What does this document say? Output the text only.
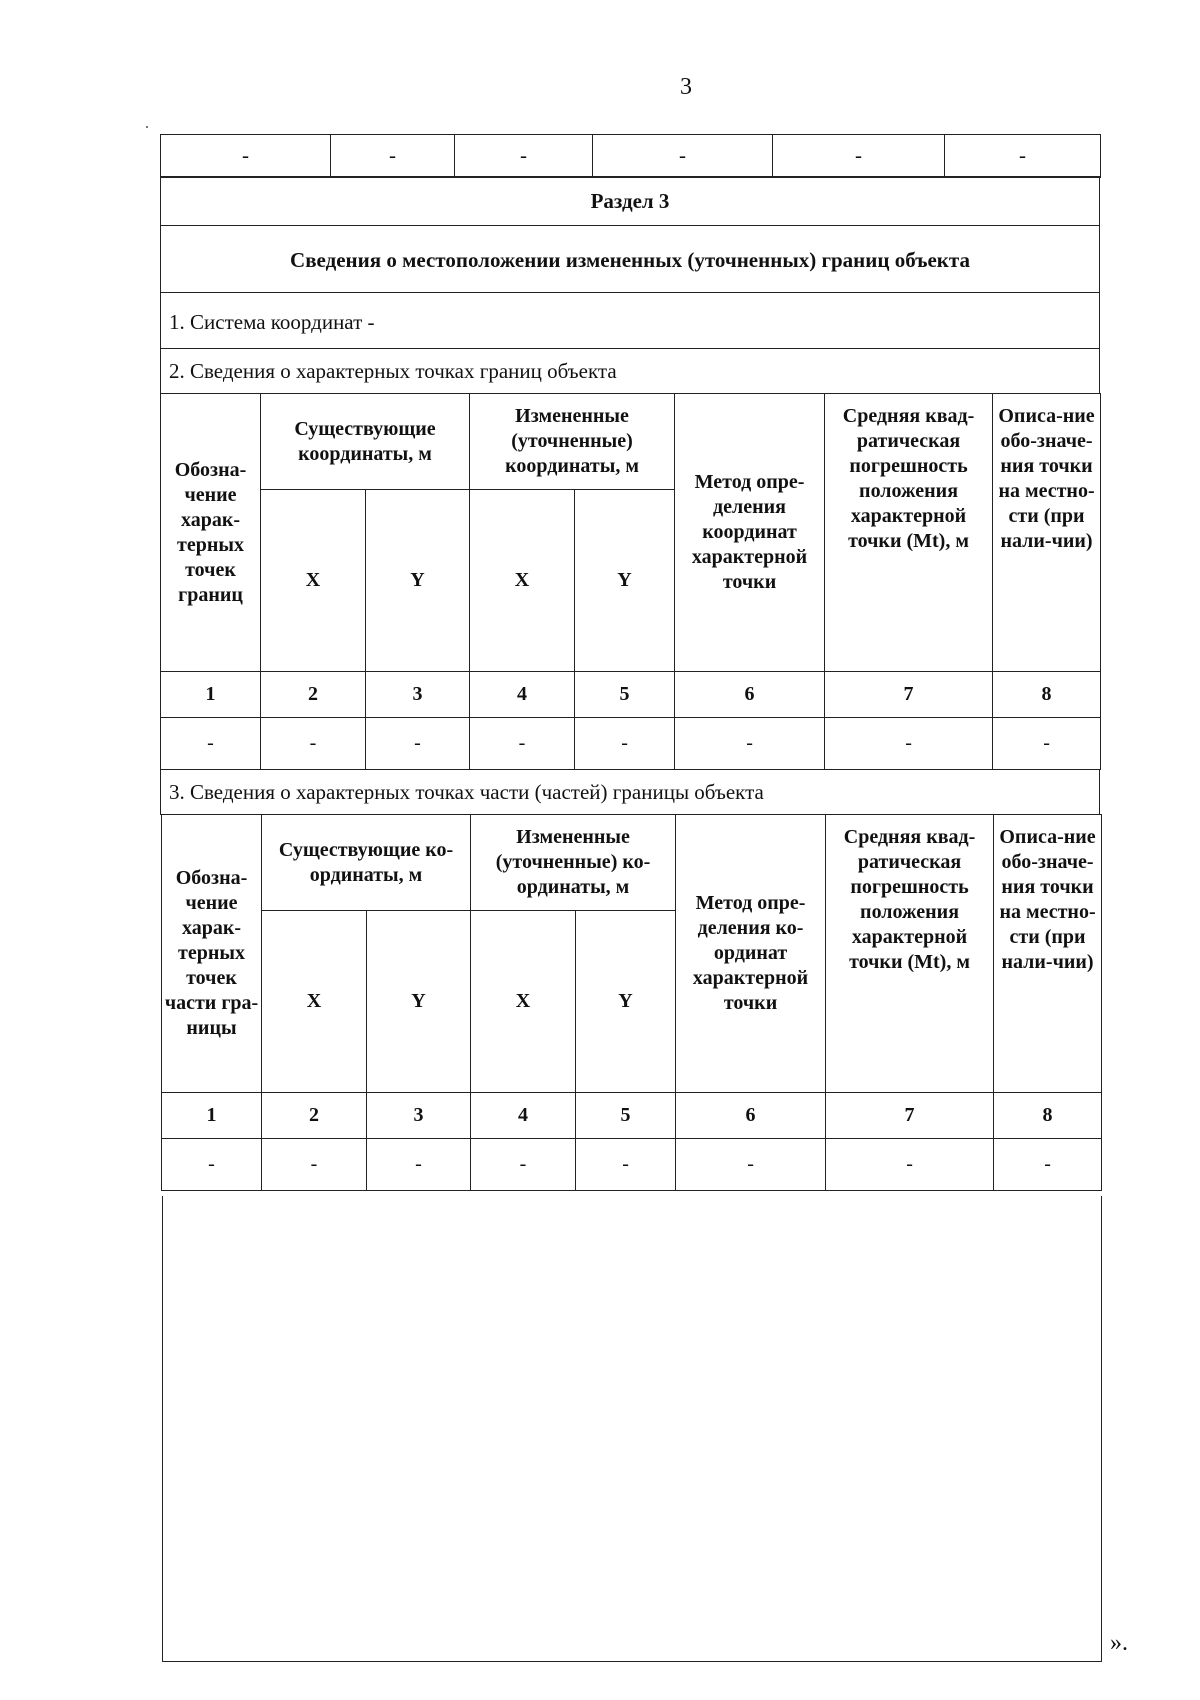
3
-	-	-	-	-	-
Раздел 3
Сведения о местоположении измененных (уточненных) границ объекта
1. Система координат -
2. Сведения о характерных точках границ объекта
Обозна-чение харак-терных точек границ	Существующие координаты, м		Измененные (уточненные) координаты, м		Метод опре-деления координат характерной точки	Средняя квад-ратическая погрешность положения характерной точки (Mt), м	Описа-ние обо-значе-ния точки на местно-сти (при нали-чии)
	X	Y	X	Y			
1	2	3	4	5	6	7	8
-	-	-	-	-	-	-	-
3. Сведения о характерных точках части (частей) границы объекта
Обозна-чение харак-терных точек части гра-ницы	Существующие ко-ординаты, м		Измененные (уточненные) ко-ординаты, м		Метод опре-деления ко-ординат характерной точки	Средняя квад-ратическая погрешность положения характерной точки (Mt), м	Описа-ние обо-значе-ния точки на местно-сти (при нали-чии)
	X	Y	X	Y			
1	2	3	4	5	6	7	8
-	-	-	-	-	-	-	-
».
